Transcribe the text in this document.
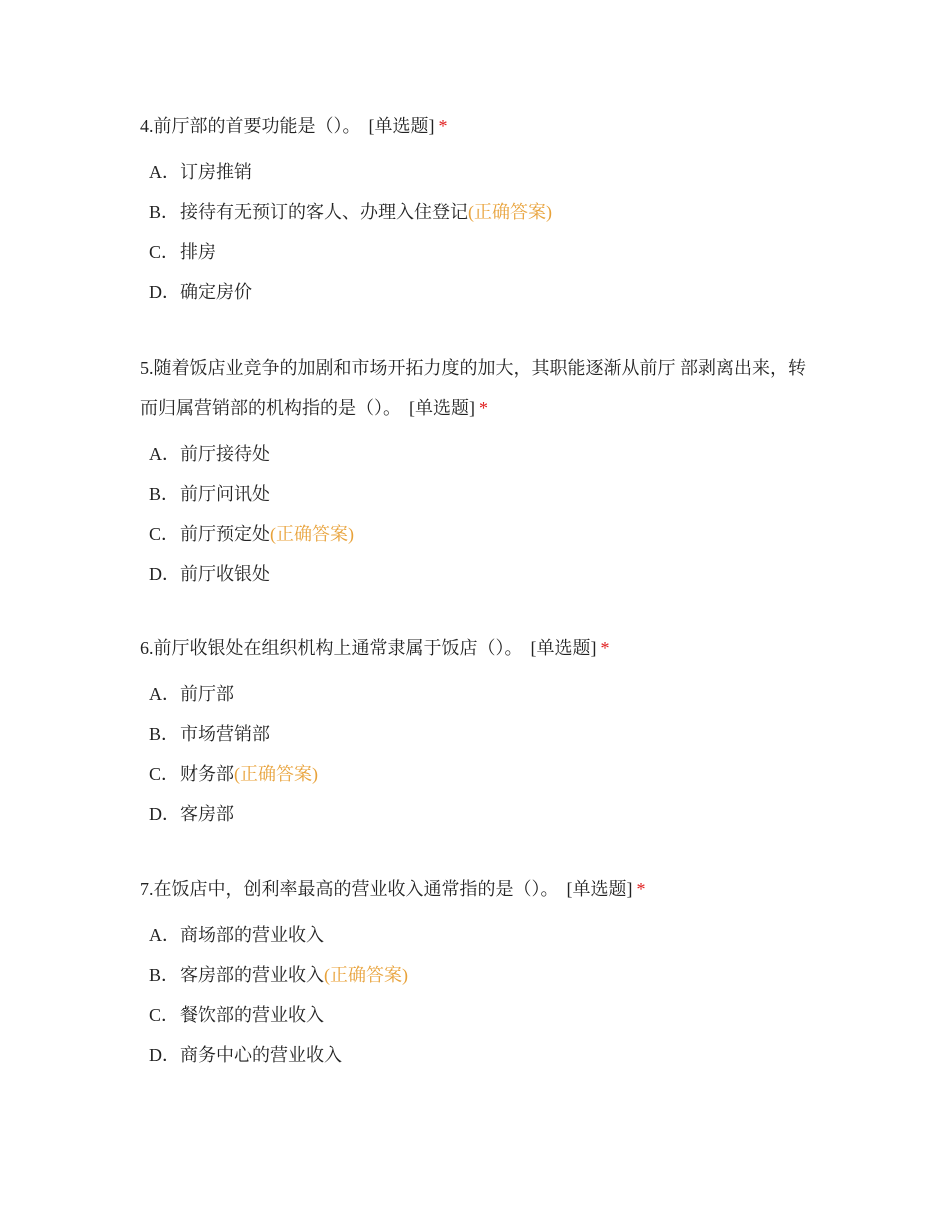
4.前厅部的首要功能是（）。 [单选题] *

A．订房推销
B．接待有无预订的客人、办理入住登记(正确答案)
C．排房
D．确定房价

5.随着饭店业竞争的加剧和市场开拓力度的加大，其职能逐渐从前厅 部剥离出来，转而归属营销部的机构指的是（）。 [单选题] *

A．前厅接待处
B．前厅问讯处
C．前厅预定处(正确答案)
D．前厅收银处

6.前厅收银处在组织机构上通常隶属于饭店（）。 [单选题] *

A．前厅部
B．市场营销部
C．财务部(正确答案)
D．客房部

7.在饭店中，创利率最高的营业收入通常指的是（）。 [单选题] *

A．商场部的营业收入
B．客房部的营业收入(正确答案)
C．餐饮部的营业收入
D．商务中心的营业收入
